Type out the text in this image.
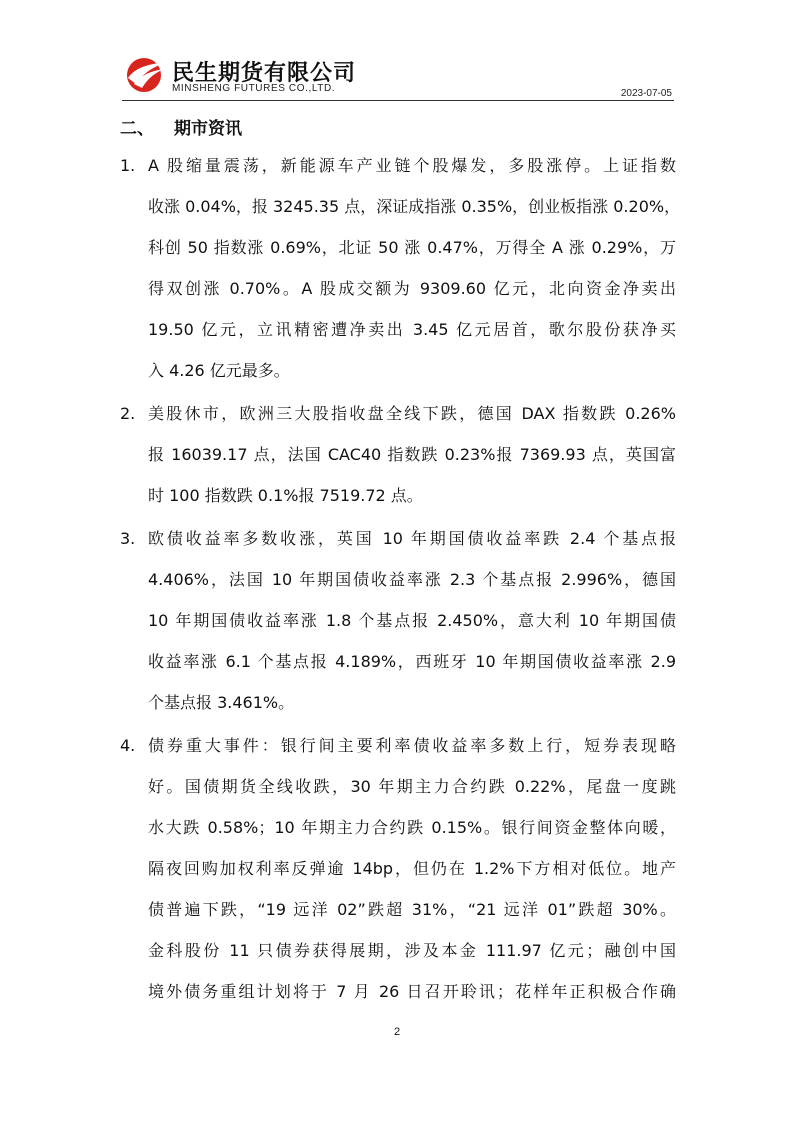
民生期货有限公司
MINSHENG FUTURES CO.,LTD.	2023-07-05
二、 期市资讯
1. A 股缩量震荡，新能源车产业链个股爆发，多股涨停。上证指数
收涨 0.04%，报 3245.35 点，深证成指涨 0.35%，创业板指涨 0.20%，
科创 50 指数涨 0.69%，北证 50 涨 0.47%，万得全 A 涨 0.29%，万
得双创涨 0.70%。A 股成交额为 9309.60 亿元，北向资金净卖出
19.50 亿元，立讯精密遭净卖出 3.45 亿元居首，歌尔股份获净买
入 4.26 亿元最多。
2. 美股休市，欧洲三大股指收盘全线下跌，德国 DAX 指数跌 0.26%
报 16039.17 点，法国 CAC40 指数跌 0.23%报 7369.93 点，英国富
时 100 指数跌 0.1%报 7519.72 点。
3. 欧债收益率多数收涨，英国 10 年期国债收益率跌 2.4 个基点报
4.406%，法国 10 年期国债收益率涨 2.3 个基点报 2.996%，德国
10 年期国债收益率涨 1.8 个基点报 2.450%，意大利 10 年期国债
收益率涨 6.1 个基点报 4.189%，西班牙 10 年期国债收益率涨 2.9
个基点报 3.461%。
4. 债券重大事件：银行间主要利率债收益率多数上行，短券表现略
好。国债期货全线收跌，30 年期主力合约跌 0.22%，尾盘一度跳
水大跌 0.58%；10 年期主力合约跌 0.15%。银行间资金整体向暖，
隔夜回购加权利率反弹逾 14bp，但仍在 1.2%下方相对低位。地产
债普遍下跌，“19 远洋 02”跌超 31%，“21 远洋 01”跌超 30%。
金科股份 11 只债券获得展期，涉及本金 111.97 亿元；融创中国
境外债务重组计划将于 7 月 26 日召开聆讯；花样年正积极合作确
2
